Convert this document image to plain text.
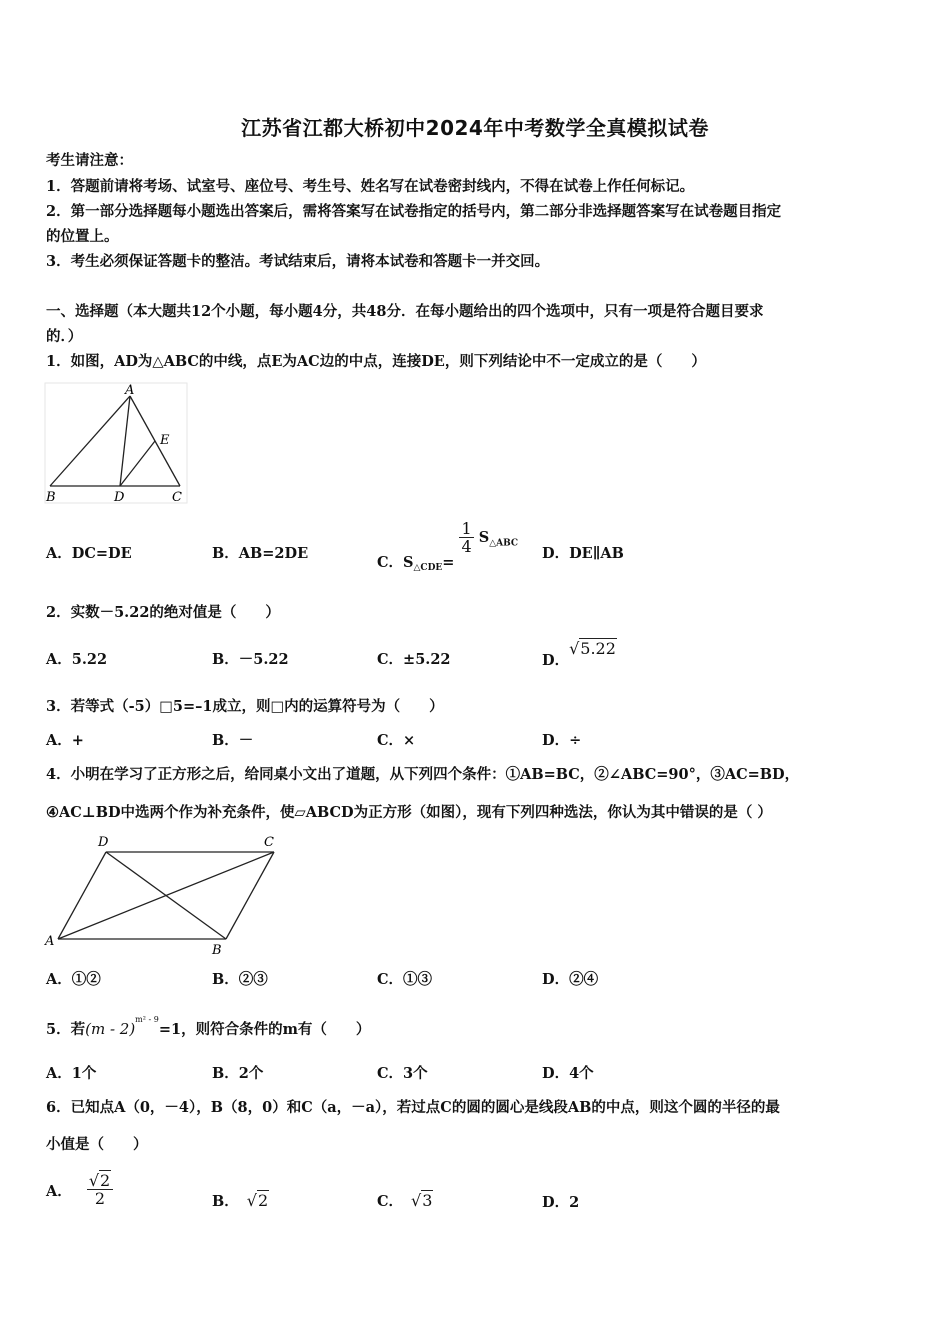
江苏省江都大桥初中2024年中考数学全真模拟试卷
考生请注意：
1．答题前请将考场、试室号、座位号、考生号、姓名写在试卷密封线内，不得在试卷上作任何标记。
2．第一部分选择题每小题选出答案后，需将答案写在试卷指定的括号内，第二部分非选择题答案写在试卷题目指定
的位置上。
3．考生必须保证答题卡的整洁。考试结束后，请将本试卷和答题卡一并交回。
一、选择题（本大题共12个小题，每小题4分，共48分．在每小题给出的四个选项中，只有一项是符合题目要求
的．）
1．如图，AD为△ABC的中线，点E为AC边的中点，连接DE，则下列结论中不一定成立的是（　　）
A
B	D	C
E
A．DC=DE	B．AB=2DE	C．$S_{\triangle CDE}=$
$\frac{1}{4} S_{\triangle ABC}$
D．DE∥AB
2．实数－5.22的绝对值是（　　）
A．5.22	B．－5.22	C．±5.22	D．√5.22
3．若等式（-5）□5=–1成立，则□内的运算符号为（　　）
A．+	B．－	C．×	D．÷
4．小明在学习了正方形之后，给同桌小文出了道题，从下列四个条件：①AB=BC，②∠ABC=90°，③AC=BD，
④AC⊥BD中选两个作为补充条件，使▱ABCD为正方形（如图），现有下列四种选法，你认为其中错误的是（ ）
D	C
A
B
A．①②	B．②③	C．①③	D．②④
5．若(m - 2)$^{m^2 - 9}$=1，则符合条件的m有（　　）
A．1个	B．2个	C．3个	D．4个
6．已知点A（0，－4），B（8，0）和C（a，－a），若过点C的圆的圆心是线段AB的中点，则这个圆的半径的最
小值是（　　）
A． $\frac{√2}{2}$	B． √2	C． √3	D．2
